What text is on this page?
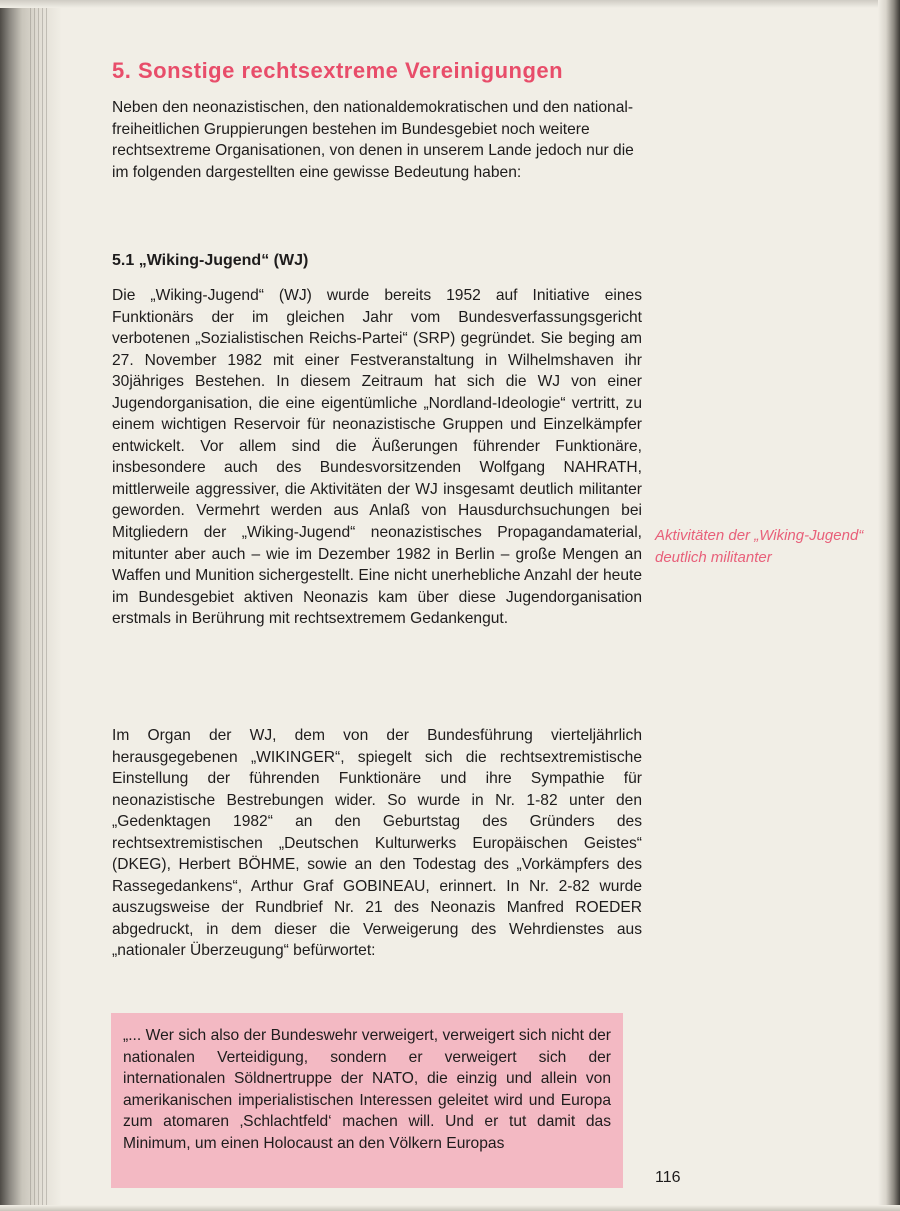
5. Sonstige rechtsextreme Vereinigungen

Neben den neonazistischen, den nationaldemokratischen und den national-freiheitlichen Gruppierungen bestehen im Bundesgebiet noch weitere rechtsextreme Organisationen, von denen in unserem Lande jedoch nur die im folgenden dargestellten eine gewisse Bedeutung haben:

5.1 „Wiking-Jugend“ (WJ)

Die „Wiking-Jugend“ (WJ) wurde bereits 1952 auf Initiative eines Funktionärs der im gleichen Jahr vom Bundesverfassungsgericht verbotenen „Sozialistischen Reichs-Partei“ (SRP) gegründet. Sie beging am 27. November 1982 mit einer Festveranstaltung in Wilhelmshaven ihr 30jähriges Bestehen. In diesem Zeitraum hat sich die WJ von einer Jugendorganisation, die eine eigentümliche „Nordland-Ideologie“ vertritt, zu einem wichtigen Reservoir für neonazistische Gruppen und Einzelkämpfer entwickelt. Vor allem sind die Äußerungen führender Funktionäre, insbesondere auch des Bundesvorsitzenden Wolfgang NAHRATH, mittlerweile aggressiver, die Aktivitäten der WJ insgesamt deutlich militanter geworden. Vermehrt werden aus Anlaß von Hausdurchsuchungen bei Mitgliedern der „Wiking-Jugend“ neonazistisches Propagandamaterial, mitunter aber auch – wie im Dezember 1982 in Berlin – große Mengen an Waffen und Munition sichergestellt. Eine nicht unerhebliche Anzahl der heute im Bundesgebiet aktiven Neonazis kam über diese Jugendorganisation erstmals in Berührung mit rechtsextremem Gedankengut.

Aktivitäten der „Wiking-Jugend“ deutlich militanter

Im Organ der WJ, dem von der Bundesführung vierteljährlich herausgegebenen „WIKINGER“, spiegelt sich die rechtsextremistische Einstellung der führenden Funktionäre und ihre Sympathie für neonazistische Bestrebungen wider. So wurde in Nr. 1-82 unter den „Gedenktagen 1982“ an den Geburtstag des Gründers des rechtsextremistischen „Deutschen Kulturwerks Europäischen Geistes“ (DKEG), Herbert BÖHME, sowie an den Todestag des „Vorkämpfers des Rassegedankens“, Arthur Graf GOBINEAU, erinnert. In Nr. 2-82 wurde auszugsweise der Rundbrief Nr. 21 des Neonazis Manfred ROEDER abgedruckt, in dem dieser die Verweigerung des Wehrdienstes aus „nationaler Überzeugung“ befürwortet:

„... Wer sich also der Bundeswehr verweigert, verweigert sich nicht der nationalen Verteidigung, sondern er verweigert sich der internationalen Söldnertruppe der NATO, die einzig und allein von amerikanischen imperialistischen Interessen geleitet wird und Europa zum atomaren ‚Schlachtfeld‘ machen will. Und er tut damit das Minimum, um einen Holocaust an den Völkern Europas

116
